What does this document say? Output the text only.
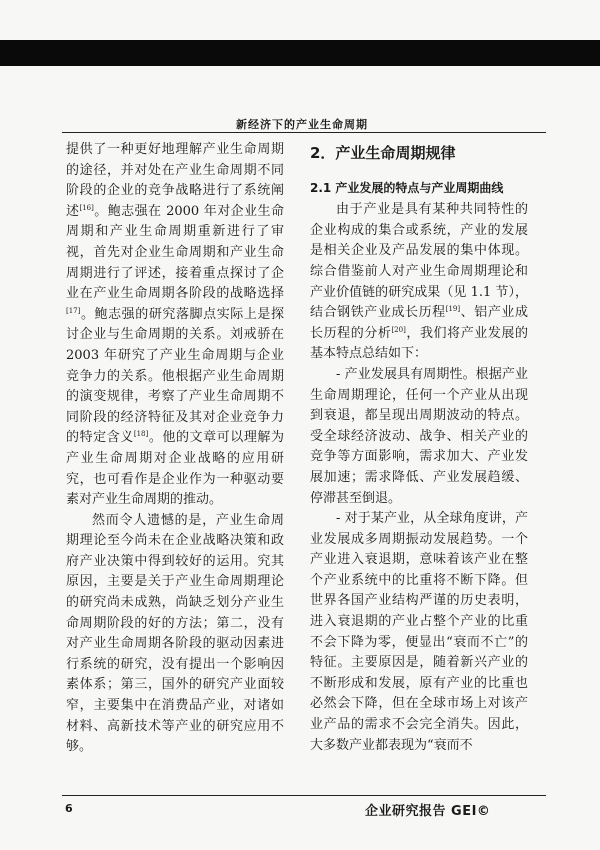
新经济下的产业生命周期

提供了一种更好地理解产业生命周期的途径，并对处在产业生命周期不同阶段的企业的竞争战略进行了系统阐述[16]。鲍志强在 2000 年对企业生命周期和产业生命周期重新进行了审视，首先对企业生命周期和产业生命周期进行了评述，接着重点探讨了企业在产业生命周期各阶段的战略选择[17]。鲍志强的研究落脚点实际上是探讨企业与生命周期的关系。刘戒骄在 2003 年研究了产业生命周期与企业竞争力的关系。他根据产业生命周期的演变规律，考察了产业生命周期不同阶段的经济特征及其对企业竞争力的特定含义[18]。他的文章可以理解为产业生命周期对企业战略的应用研究，也可看作是企业作为一种驱动要素对产业生命周期的推动。

然而令人遗憾的是，产业生命周期理论至今尚未在企业战略决策和政府产业决策中得到较好的运用。究其原因，主要是关于产业生命周期理论的研究尚未成熟，尚缺乏划分产业生命周期阶段的好的方法；第二，没有对产业生命周期各阶段的驱动因素进行系统的研究，没有提出一个影响因素体系；第三，国外的研究产业面较窄，主要集中在消费品产业，对诸如材料、高新技术等产业的研究应用不够。

2．产业生命周期规律

2.1 产业发展的特点与产业周期曲线

由于产业是具有某种共同特性的企业构成的集合或系统，产业的发展是相关企业及产品发展的集中体现。综合借鉴前人对产业生命周期理论和产业价值链的研究成果（见 1.1 节），结合钢铁产业成长历程[19]、铝产业成长历程的分析[20]，我们将产业发展的基本特点总结如下：

- 产业发展具有周期性。根据产业生命周期理论，任何一个产业从出现到衰退，都呈现出周期波动的特点。受全球经济波动、战争、相关产业的竞争等方面影响，需求加大、产业发展加速；需求降低、产业发展趋缓、停滞甚至倒退。

- 对于某产业，从全球角度讲，产业发展成多周期振动发展趋势。一个产业进入衰退期，意味着该产业在整个产业系统中的比重将不断下降。但世界各国产业结构严谨的历史表明，进入衰退期的产业占整个产业的比重不会下降为零，便显出“衰而不亡”的特征。主要原因是，随着新兴产业的不断形成和发展，原有产业的比重也必然会下降，但在全球市场上对该产业产品的需求不会完全消失。因此，大多数产业都表现为“衰而不

6	企业研究报告 GEI©
